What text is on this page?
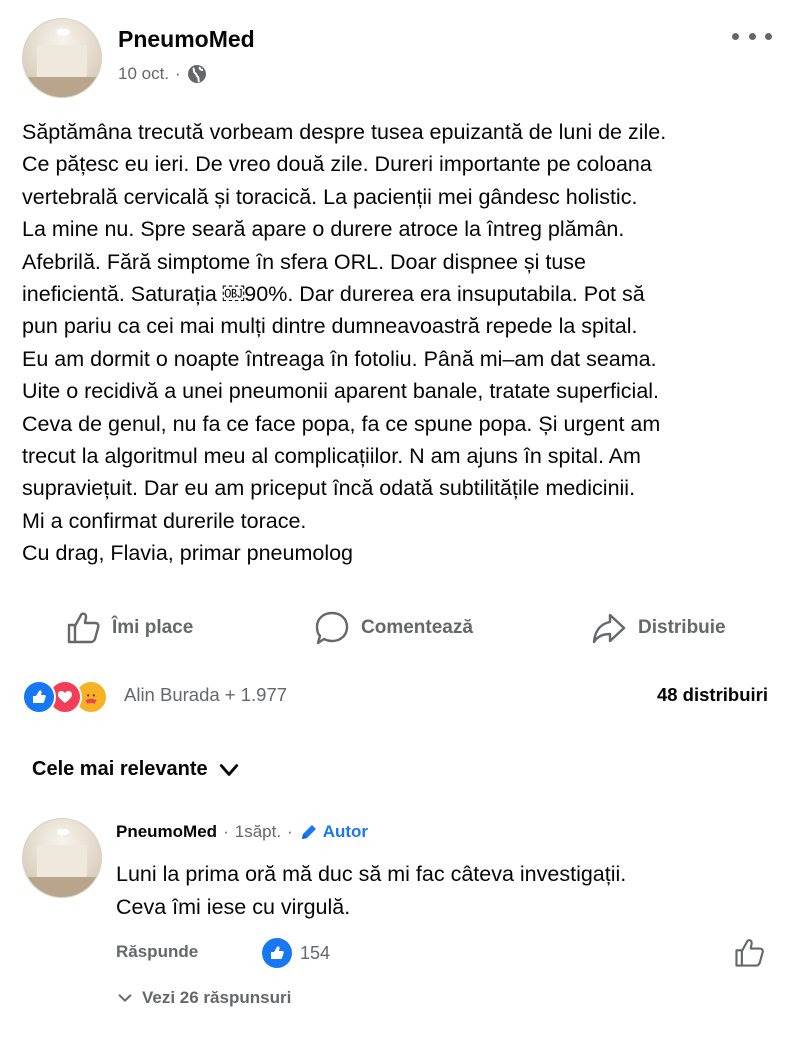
PneumoMed
10 oct. ·
Săptămâna trecută vorbeam despre tusea epuizantă de luni de zile.
Ce pățesc eu ieri. De vreo două zile. Dureri importante pe coloana
vertebrală cervicală și toracică. La pacienții mei gândesc holistic.
La mine nu. Spre seară apare o durere atroce la întreg plămân.
Afebrilă. Fără simptome în sfera ORL. Doar dispnee și tuse
ineficientă. Saturația ￼90%. Dar durerea era insuputabila. Pot să
pun pariu ca cei mai mulți dintre dumneavoastră repede la spital.
Eu am dormit o noapte întreaga în fotoliu. Până mi–am dat seama.
Uite o recidivă a unei pneumonii aparent banale, tratate superficial.
Ceva de genul, nu fa ce face popa, fa ce spune popa. Și urgent am
trecut la algoritmul meu al complicațiilor. N am ajuns în spital. Am
supraviețuit. Dar eu am priceput încă odată subtilitățile medicinii.
Mi a confirmat durerile torace.
Cu drag, Flavia, primar pneumolog
Îmi place	Comentează	Distribuie
Alin Burada + 1.977	48 distribuiri
Cele mai relevante
PneumoMed · 1săpt. · Autor
Luni la prima oră mă duc să mi fac câteva investigații.
Ceva îmi iese cu virgulă.
Răspunde	154
Vezi 26 răspunsuri
